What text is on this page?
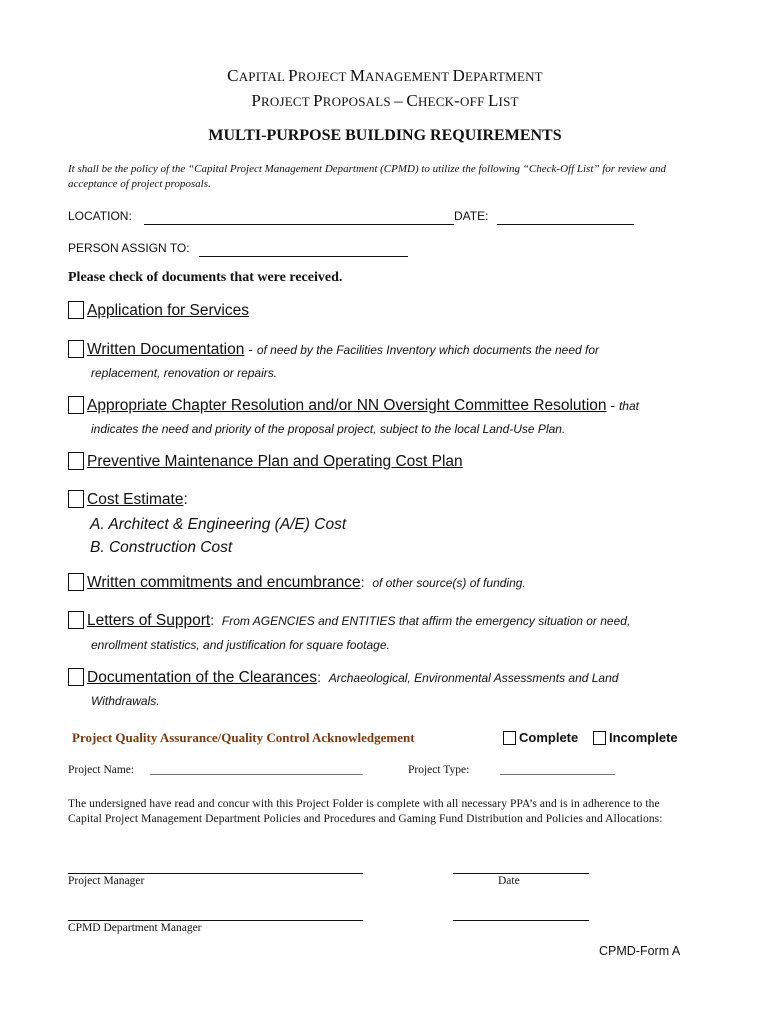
CAPITAL PROJECT MANAGEMENT DEPARTMENT
PROJECT PROPOSALS – CHECK-OFF LIST
MULTI-PURPOSE BUILDING REQUIREMENTS
It shall be the policy of the “Capital Project Management Department (CPMD) to utilize the following “Check-Off List” for review and acceptance of project proposals.
LOCATION:	DATE:
PERSON ASSIGN TO:
Please check of documents that were received.
Application for Services
Written Documentation - of need by the Facilities Inventory which documents the need for
replacement, renovation or repairs.
Appropriate Chapter Resolution and/or NN Oversight Committee Resolution - that
indicates the need and priority of the proposal project, subject to the local Land-Use Plan.
Preventive Maintenance Plan and Operating Cost Plan
Cost Estimate:
A. Architect & Engineering (A/E) Cost
B. Construction Cost
Written commitments and encumbrance:  of other source(s) of funding.
Letters of Support:  From AGENCIES and ENTITIES that affirm the emergency situation or need,
enrollment statistics, and justification for square footage.
Documentation of the Clearances:  Archaeological, Environmental Assessments and Land
Withdrawals.
Project Quality Assurance/Quality Control Acknowledgement	Complete	Incomplete
Project Name: _____________________________________	Project Type:	____________________
The undersigned have read and concur with this Project Folder is complete with all necessary PPA’s and is in adherence to the Capital Project Management Department Policies and Procedures and Gaming Fund Distribution and Policies and Allocations:
Project Manager	Date
CPMD Department Manager
CPMD-Form A
